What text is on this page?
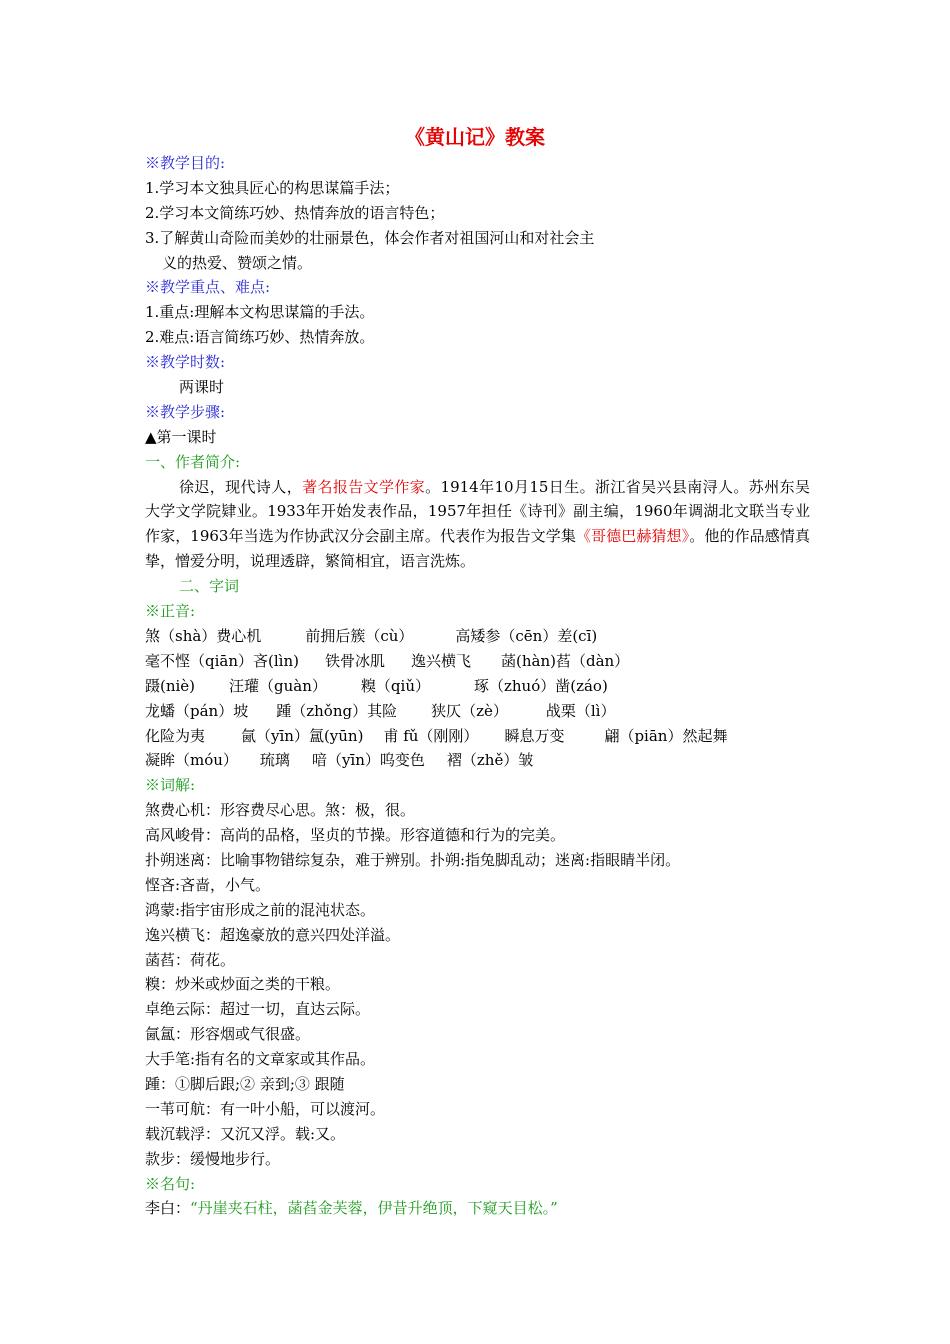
《黄山记》教案
※教学目的:
1.学习本文独具匠心的构思谋篇手法；
2.学习本文简练巧妙、热情奔放的语言特色；
3.了解黄山奇险而美妙的壮丽景色，体会作者对祖国河山和对社会主
义的热爱、赞颂之情。
※教学重点、难点:
1.重点:理解本文构思谋篇的手法。
2.难点:语言简练巧妙、热情奔放。
※教学时数:
两课时
※教学步骤:
▲第一课时
一、作者简介:
徐迟，现代诗人，著名报告文学作家。1914年10月15日生。浙江省吴兴县南浔人。苏州东吴大学文学院肄业。1933年开始发表作品，1957年担任《诗刊》副主编，1960年调湖北文联当专业作家，1963年当选为作协武汉分会副主席。代表作为报告文学集《哥德巴赫猜想》。他的作品感情真挚，憎爱分明，说理透辟，繁简相宜，语言洗炼。
二、字词
※正音:
煞（shà）费心机	前拥后簇（cù）	高矮参（cēn）差(cī)
毫不悭（qiān）吝(lìn) 铁骨冰肌 逸兴横飞 菡(hàn)萏（dàn）
蹑(niè) 汪瓘（guàn） 糗（qiǔ）	琢（zhuó）凿(záo)
龙蟠（pán）坡 踵（zhǒng）其险 狭仄（zè）	战栗（lì）
化险为夷 氤（yīn）氲(yūn) 甫 fǔ（刚刚） 瞬息万变	翩（piān）然起舞
凝眸（móu） 琉璃 喑（yīn）呜变色 褶（zhě）皱
※词解:
煞费心机：形容费尽心思。煞：极，很。
高风峻骨：高尚的品格，坚贞的节操。形容道德和行为的完美。
扑朔迷离：比喻事物错综复杂，难于辨别。扑朔:指兔脚乱动；迷离:指眼睛半闭。
悭吝:吝啬，小气。
鸿蒙:指宇宙形成之前的混沌状态。
逸兴横飞：超逸豪放的意兴四处洋溢。
菡萏：荷花。
糗：炒米或炒面之类的干粮。
卓绝云际：超过一切，直达云际。
氤氲：形容烟或气很盛。
大手笔:指有名的文章家或其作品。
踵：①脚后跟;② 亲到;③ 跟随
一苇可航：有一叶小船，可以渡河。
载沉载浮：又沉又浮。载:又。
款步：缓慢地步行。
※名句:
李白：“丹崖夹石柱，菡萏金芙蓉，伊昔升绝顶，下窥天目松。”
